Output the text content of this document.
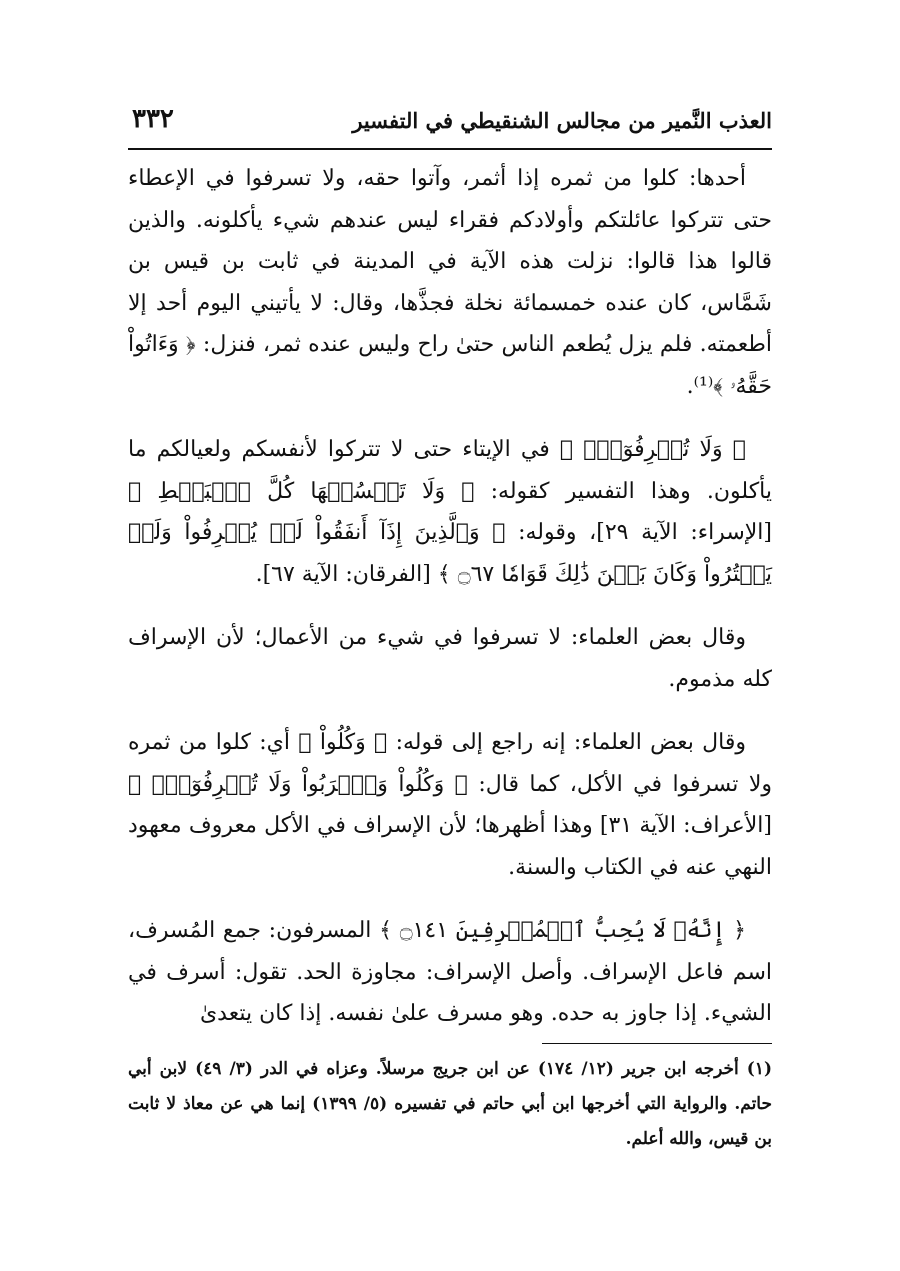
العذب النَّمير من مجالس الشنقيطي في التفسير
٣٣٢

أحدها: كلوا من ثمره إذا أثمر، وآتوا حقه، ولا تسرفوا في الإعطاء حتى تتركوا عائلتكم وأولادكم فقراء ليس عندهم شيء يأكلونه. والذين قالوا هذا قالوا: نزلت هذه الآية في المدينة في ثابت بن قيس بن شَمَّاس، كان عنده خمسمائة نخلة فجذَّها، وقال: لا يأتيني اليوم أحد إلا أطعمته. فلم يزل يُطعم الناس حتىٰ راح وليس عنده ثمر، فنزل: ﴿ وَءَاتُواْ حَقَّهُۥ ﴾⁽¹⁾.

﴿ وَلَا تُسۡرِفُوٓاْۚ ﴾ في الإيتاء حتى لا تتركوا لأنفسكم ولعيالكم ما يأكلون. وهذا التفسير كقوله: ﴿ وَلَا تَبۡسُطۡهَا كُلَّ ٱلۡبَسۡطِ ﴾ [الإسراء: الآية ٢٩]، وقوله: ﴿ وَٱلَّذِينَ إِذَآ أَنفَقُواْ لَمۡ يُسۡرِفُواْ وَلَمۡ يَقۡتُرُواْ وَكَانَ بَيۡنَ ذَٰلِكَ قَوَامٗا ۝٦٧ ﴾ [الفرقان: الآية ٦٧].

وقال بعض العلماء: لا تسرفوا في شيء من الأعمال؛ لأن الإسراف كله مذموم.

وقال بعض العلماء: إنه راجع إلى قوله: ﴿ وَكُلُواْ ﴾ أي: كلوا من ثمره ولا تسرفوا في الأكل، كما قال: ﴿ وَكُلُواْ وَٱشۡرَبُواْ وَلَا تُسۡرِفُوٓاْۚ ﴾ [الأعراف: الآية ٣١] وهذا أظهرها؛ لأن الإسراف في الأكل معروف معهود النهي عنه في الكتاب والسنة.

﴿ إِنَّهُۥ لَا يُحِبُّ ٱلۡمُسۡرِفِينَ ۝١٤١ ﴾ المسرفون: جمع المُسرف، اسم فاعل الإسراف. وأصل الإسراف: مجاوزة الحد. تقول: أسرف في الشيء. إذا جاوز به حده. وهو مسرف علىٰ نفسه. إذا كان يتعدىٰ

(١) أخرجه ابن جرير (١٢/ ١٧٤) عن ابن جريج مرسلاً. وعزاه في الدر (٣/ ٤٩) لابن أبي حاتم. والرواية التي أخرجها ابن أبي حاتم في تفسيره (٥/ ١٣٩٩) إنما هي عن معاذ لا ثابت بن قيس، والله أعلم.
